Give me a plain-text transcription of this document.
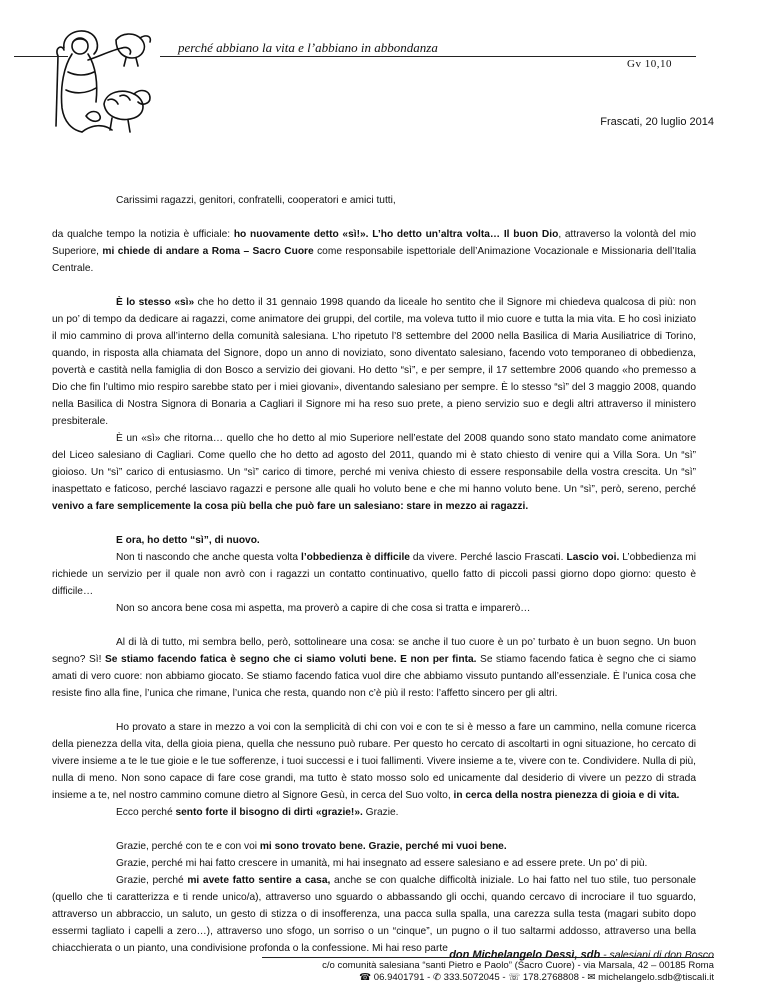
perché abbiano la vita e l’abbiano in abbondanza
Gv 10,10
Frascati, 20 luglio 2014

Carissimi ragazzi, genitori, confratelli, cooperatori e amici tutti,

da qualche tempo la notizia è ufficiale: ho nuovamente detto «sì!». L’ho detto un’altra volta… Il buon Dio, attraverso la volontà del mio Superiore, mi chiede di andare a Roma – Sacro Cuore come responsabile ispettoriale dell’Animazione Vocazionale e Missionaria dell’Italia Centrale.

È lo stesso «sì» che ho detto il 31 gennaio 1998 quando da liceale ho sentito che il Signore mi chiedeva qualcosa di più: non un po’ di tempo da dedicare ai ragazzi, come animatore dei gruppi, del cortile, ma voleva tutto il mio cuore e tutta la mia vita. E ho così iniziato il mio cammino di prova all’interno della comunità salesiana. L’ho ripetuto l’8 settembre del 2000 nella Basilica di Maria Ausiliatrice di Torino, quando, in risposta alla chiamata del Signore, dopo un anno di noviziato, sono diventato salesiano, facendo voto temporaneo di obbedienza, povertà e castità nella famiglia di don Bosco a servizio dei giovani. Ho detto “sì”, e per sempre, il 17 settembre 2006 quando «ho premesso a Dio che fin l’ultimo mio respiro sarebbe stato per i miei giovani», diventando salesiano per sempre. È lo stesso “sì” del 3 maggio 2008, quando nella Basilica di Nostra Signora di Bonaria a Cagliari il Signore mi ha reso suo prete, a pieno servizio suo e degli altri attraverso il ministero presbiterale.

È un «sì» che ritorna… quello che ho detto al mio Superiore nell’estate del 2008 quando sono stato mandato come animatore del Liceo salesiano di Cagliari. Come quello che ho detto ad agosto del 2011, quando mi è stato chiesto di venire qui a Villa Sora. Un “sì” gioioso. Un “sì” carico di entusiasmo. Un “sì” carico di timore, perché mi veniva chiesto di essere responsabile della vostra crescita. Un “sì” inaspettato e faticoso, perché lasciavo ragazzi e persone alle quali ho voluto bene e che mi hanno voluto bene. Un “sì”, però, sereno, perché venivo a fare semplicemente la cosa più bella che può fare un salesiano: stare in mezzo ai ragazzi.

E ora, ho detto “sì”, di nuovo.

Non ti nascondo che anche questa volta l’obbedienza è difficile da vivere. Perché lascio Frascati. Lascio voi. L’obbedienza mi richiede un servizio per il quale non avrò con i ragazzi un contatto continuativo, quello fatto di piccoli passi giorno dopo giorno: questo è difficile…

Non so ancora bene cosa mi aspetta, ma proverò a capire di che cosa si tratta e imparerò…

Al di là di tutto, mi sembra bello, però, sottolineare una cosa: se anche il tuo cuore è un po’ turbato è un buon segno. Un buon segno? Sì! Se stiamo facendo fatica è segno che ci siamo voluti bene. E non per finta. Se stiamo facendo fatica è segno che ci siamo amati di vero cuore: non abbiamo giocato. Se stiamo facendo fatica vuol dire che abbiamo vissuto puntando all’essenziale. È l’unica cosa che resiste fino alla fine, l’unica che rimane, l’unica che resta, quando non c’è più il resto: l’affetto sincero per gli altri.

Ho provato a stare in mezzo a voi con la semplicità di chi con voi e con te si è messo a fare un cammino, nella comune ricerca della pienezza della vita, della gioia piena, quella che nessuno può rubare. Per questo ho cercato di ascoltarti in ogni situazione, ho cercato di vivere insieme a te le tue gioie e le tue sofferenze, i tuoi successi e i tuoi fallimenti. Vivere insieme a te, vivere con te. Condividere. Nulla di più, nulla di meno. Non sono capace di fare cose grandi, ma tutto è stato mosso solo ed unicamente dal desiderio di vivere un pezzo di strada insieme a te, nel nostro cammino comune dietro al Signore Gesù, in cerca del Suo volto, in cerca della nostra pienezza di gioia e di vita.

Ecco perché sento forte il bisogno di dirti «grazie!». Grazie.

Grazie, perché con te e con voi mi sono trovato bene. Grazie, perché mi vuoi bene.

Grazie, perché mi hai fatto crescere in umanità, mi hai insegnato ad essere salesiano e ad essere prete. Un po’ di più.

Grazie, perché mi avete fatto sentire a casa, anche se con qualche difficoltà iniziale. Lo hai fatto nel tuo stile, tuo personale (quello che ti caratterizza e ti rende unico/a), attraverso uno sguardo o abbassando gli occhi, quando cercavo di incrociare il tuo sguardo, attraverso un abbraccio, un saluto, un gesto di stizza o di insofferenza, una pacca sulla spalla, una carezza sulla testa (magari subito dopo essermi tagliato i capelli a zero…), attraverso uno sfogo, un sorriso o un “cinque”, un pugno o il tuo saltarmi addosso, attraverso una bella chiacchierata o un pianto, una condivisione profonda o la confessione. Mi hai reso parte

don Michelangelo Dessì, sdb - salesiani di don Bosco
c/o comunità salesiana “santi Pietro e Paolo” (Sacro Cuore) - via Marsala, 42 – 00185 Roma
☎ 06.9401791 - ✆ 333.5072045 - ☏ 178.2768808 - ✉ michelangelo.sdb@tiscali.it
